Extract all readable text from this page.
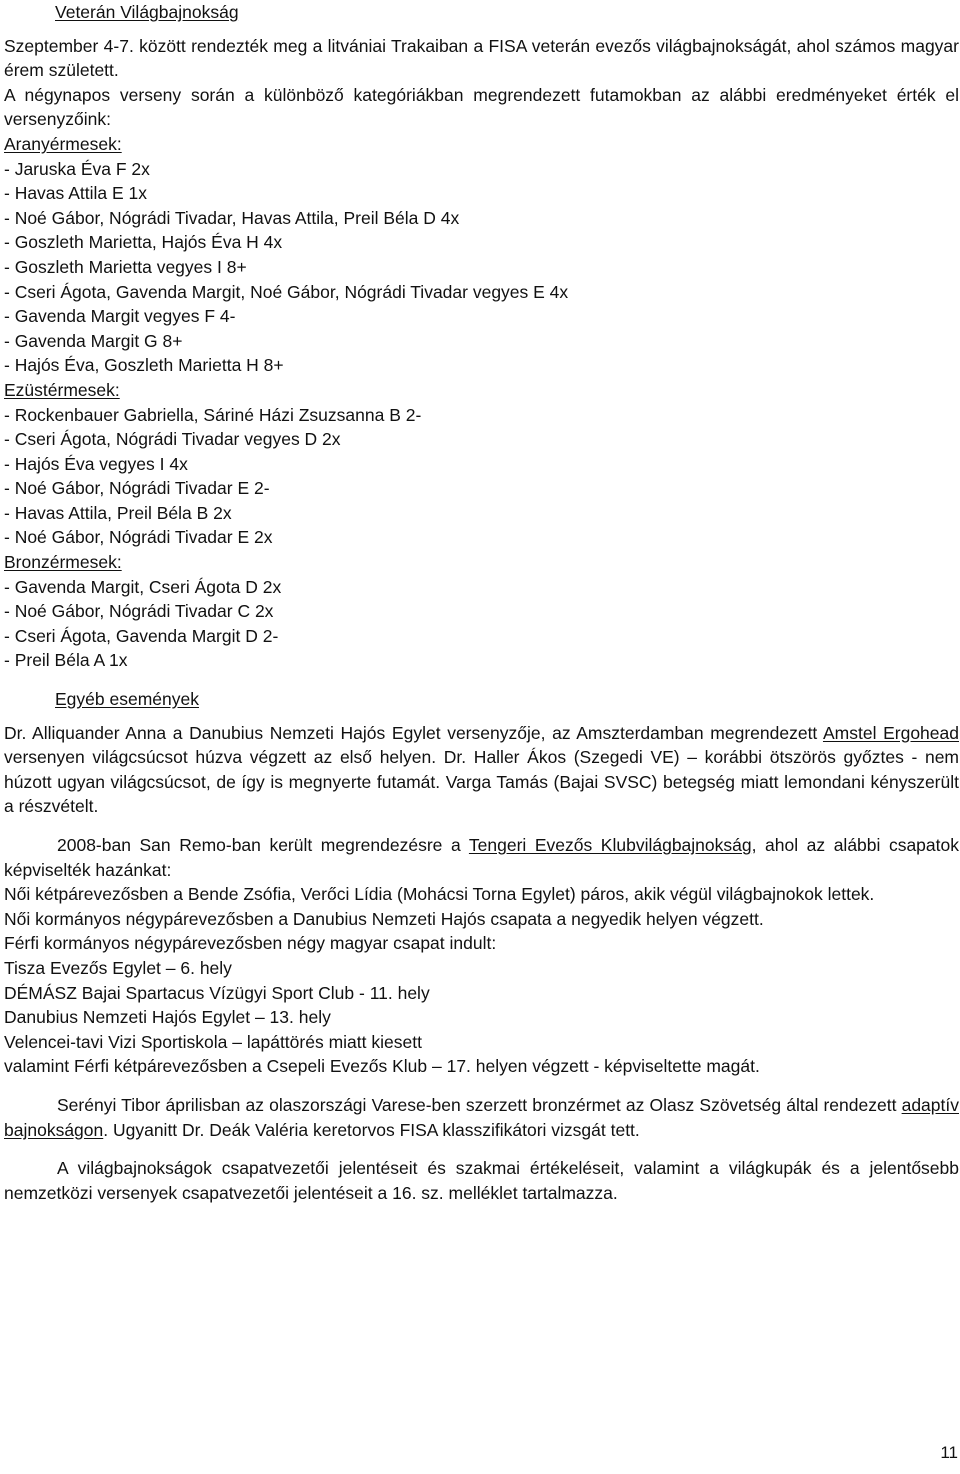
Veterán Világbajnokság

Szeptember 4-7. között rendezték meg a litvániai Trakaiban a FISA veterán evezős világbajnokságát, ahol számos magyar érem született.

A négynapos verseny során a különböző kategóriákban megrendezett futamokban az alábbi eredményeket érték el versenyzőink:

Aranyérmesek:

- Jaruska Éva F 2x

- Havas Attila E 1x

- Noé Gábor, Nógrádi Tivadar, Havas Attila, Preil Béla D 4x

- Goszleth Marietta, Hajós Éva H 4x

- Goszleth Marietta vegyes I 8+

- Cseri Ágota, Gavenda Margit, Noé Gábor, Nógrádi Tivadar vegyes E 4x

- Gavenda Margit vegyes F 4-

- Gavenda Margit G 8+

- Hajós Éva, Goszleth Marietta H 8+

Ezüstérmesek:

- Rockenbauer Gabriella, Sáriné Házi Zsuzsanna B 2-

- Cseri Ágota, Nógrádi Tivadar vegyes D 2x

- Hajós Éva vegyes I 4x

- Noé Gábor, Nógrádi Tivadar E 2-

- Havas Attila, Preil Béla B 2x

- Noé Gábor, Nógrádi Tivadar E 2x

Bronzérmesek:

- Gavenda Margit, Cseri Ágota D 2x

- Noé Gábor, Nógrádi Tivadar C 2x

- Cseri Ágota, Gavenda Margit D 2-

- Preil Béla A 1x

Egyéb események

Dr. Alliquander Anna a Danubius Nemzeti Hajós Egylet versenyzője, az Amszterdamban megrendezett Amstel Ergohead versenyen világcsúcsot húzva végzett az első helyen. Dr. Haller Ákos (Szegedi VE) – korábbi ötszörös győztes - nem húzott ugyan világcsúcsot, de így is megnyerte futamát. Varga Tamás (Bajai SVSC) betegség miatt lemondani kényszerült a részvételt.

2008-ban San Remo-ban került megrendezésre a Tengeri Evezős Klubvilágbajnokság, ahol az alábbi csapatok képviselték hazánkat:

Női kétpárevezősben a Bende Zsófia, Verőci Lídia (Mohácsi Torna Egylet) páros, akik végül világbajnokok lettek.

Női kormányos négypárevezősben a Danubius Nemzeti Hajós csapata a negyedik helyen végzett.

Férfi kormányos négypárevezősben négy magyar csapat indult:

Tisza Evezős Egylet – 6. hely

DÉMÁSZ Bajai Spartacus Vízügyi Sport Club - 11. hely

Danubius Nemzeti Hajós Egylet – 13. hely

Velencei-tavi Vizi Sportiskola – lapáttörés miatt kiesett

valamint Férfi kétpárevezősben a Csepeli Evezős Klub – 17. helyen végzett - képviseltette magát.

Serényi Tibor áprilisban az olaszországi Varese-ben szerzett bronzérmet az Olasz Szövetség által rendezett adaptív bajnokságon. Ugyanitt Dr. Deák Valéria keretorvos FISA klasszifikátori vizsgát tett.

A világbajnokságok csapatvezetői jelentéseit és szakmai értékeléseit, valamint a világkupák és a jelentősebb nemzetközi versenyek csapatvezetői jelentéseit a 16. sz. melléklet tartalmazza.

11
